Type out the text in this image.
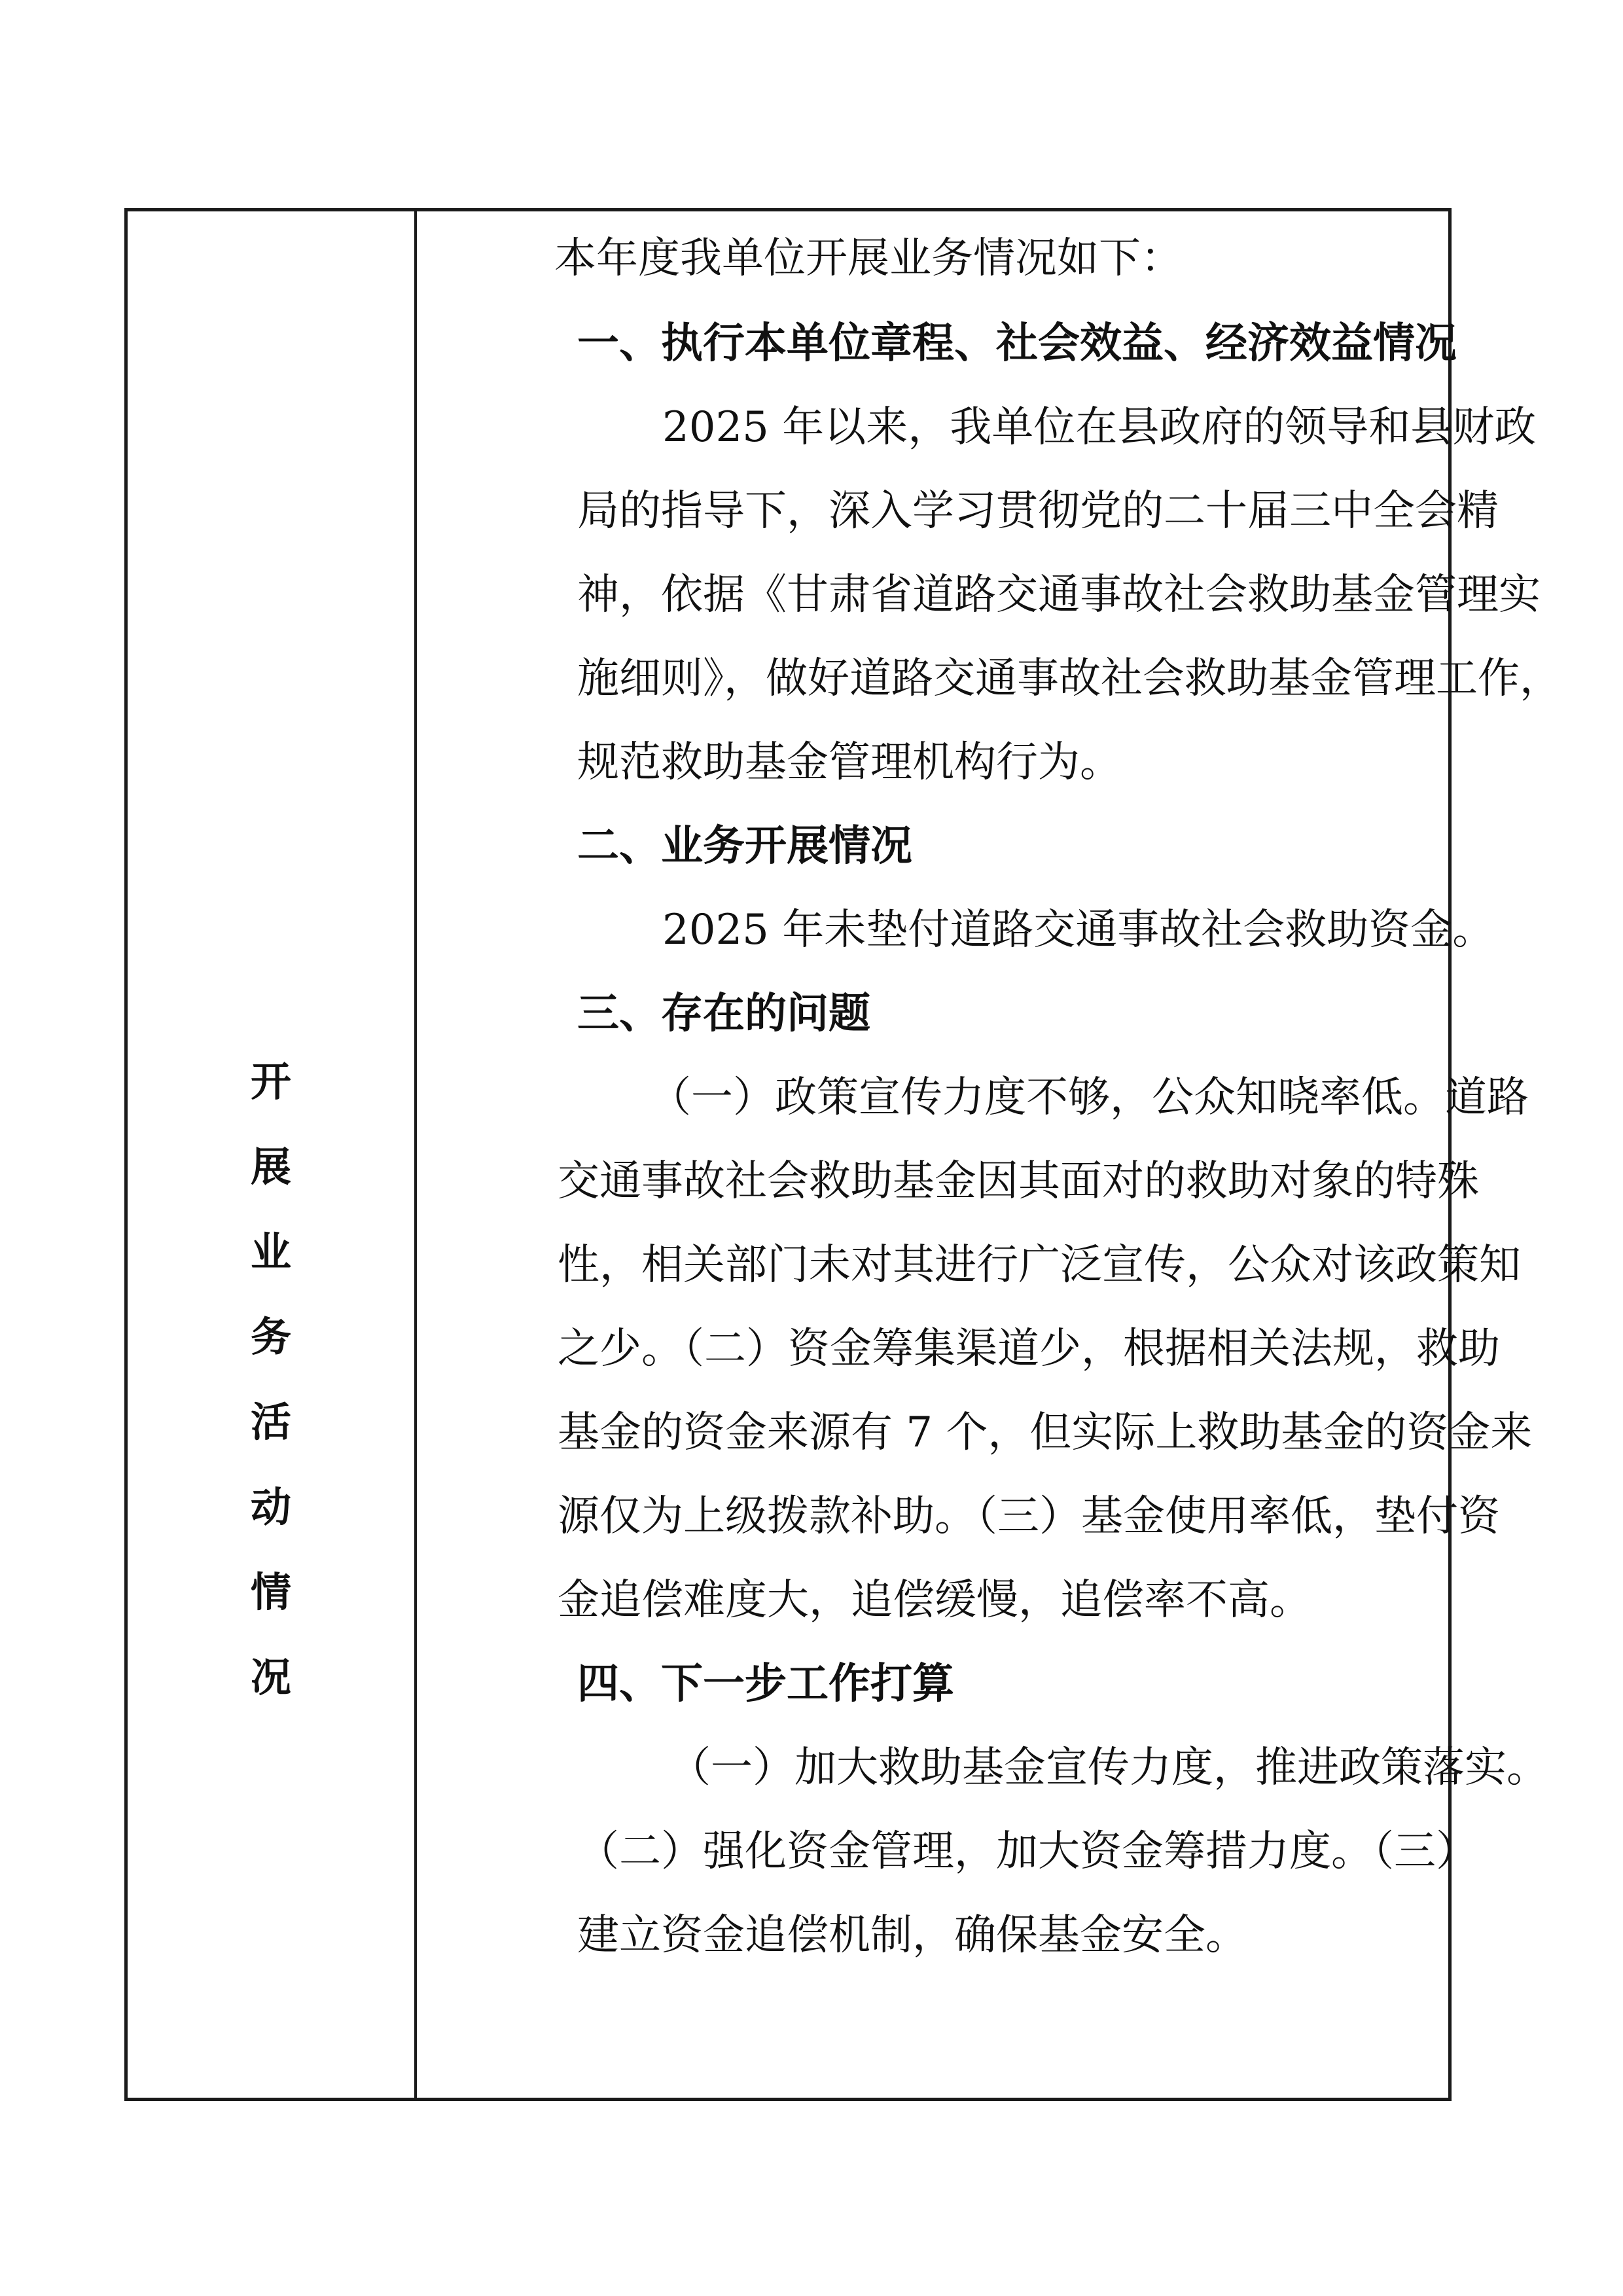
开
展
业
务
活
动
情
况
本年度我单位开展业务情况如下：
一、执行本单位章程、社会效益、经济效益情况
2025 年以来，我单位在县政府的领导和县财政
局的指导下，深入学习贯彻党的二十届三中全会精
神，依据《甘肃省道路交通事故社会救助基金管理实
施细则》，做好道路交通事故社会救助基金管理工作，
规范救助基金管理机构行为。
二、业务开展情况
2025 年未垫付道路交通事故社会救助资金。
三、存在的问题
（一）政策宣传力度不够，公众知晓率低。道路
交通事故社会救助基金因其面对的救助对象的特殊
性，相关部门未对其进行广泛宣传，公众对该政策知
之少。（二）资金筹集渠道少，根据相关法规，救助
基金的资金来源有 7 个，但实际上救助基金的资金来
源仅为上级拨款补助。（三）基金使用率低，垫付资
金追偿难度大，追偿缓慢，追偿率不高。
四、下一步工作打算
（一）加大救助基金宣传力度，推进政策落实。
（二）强化资金管理，加大资金筹措力度。（三）
建立资金追偿机制，确保基金安全。
